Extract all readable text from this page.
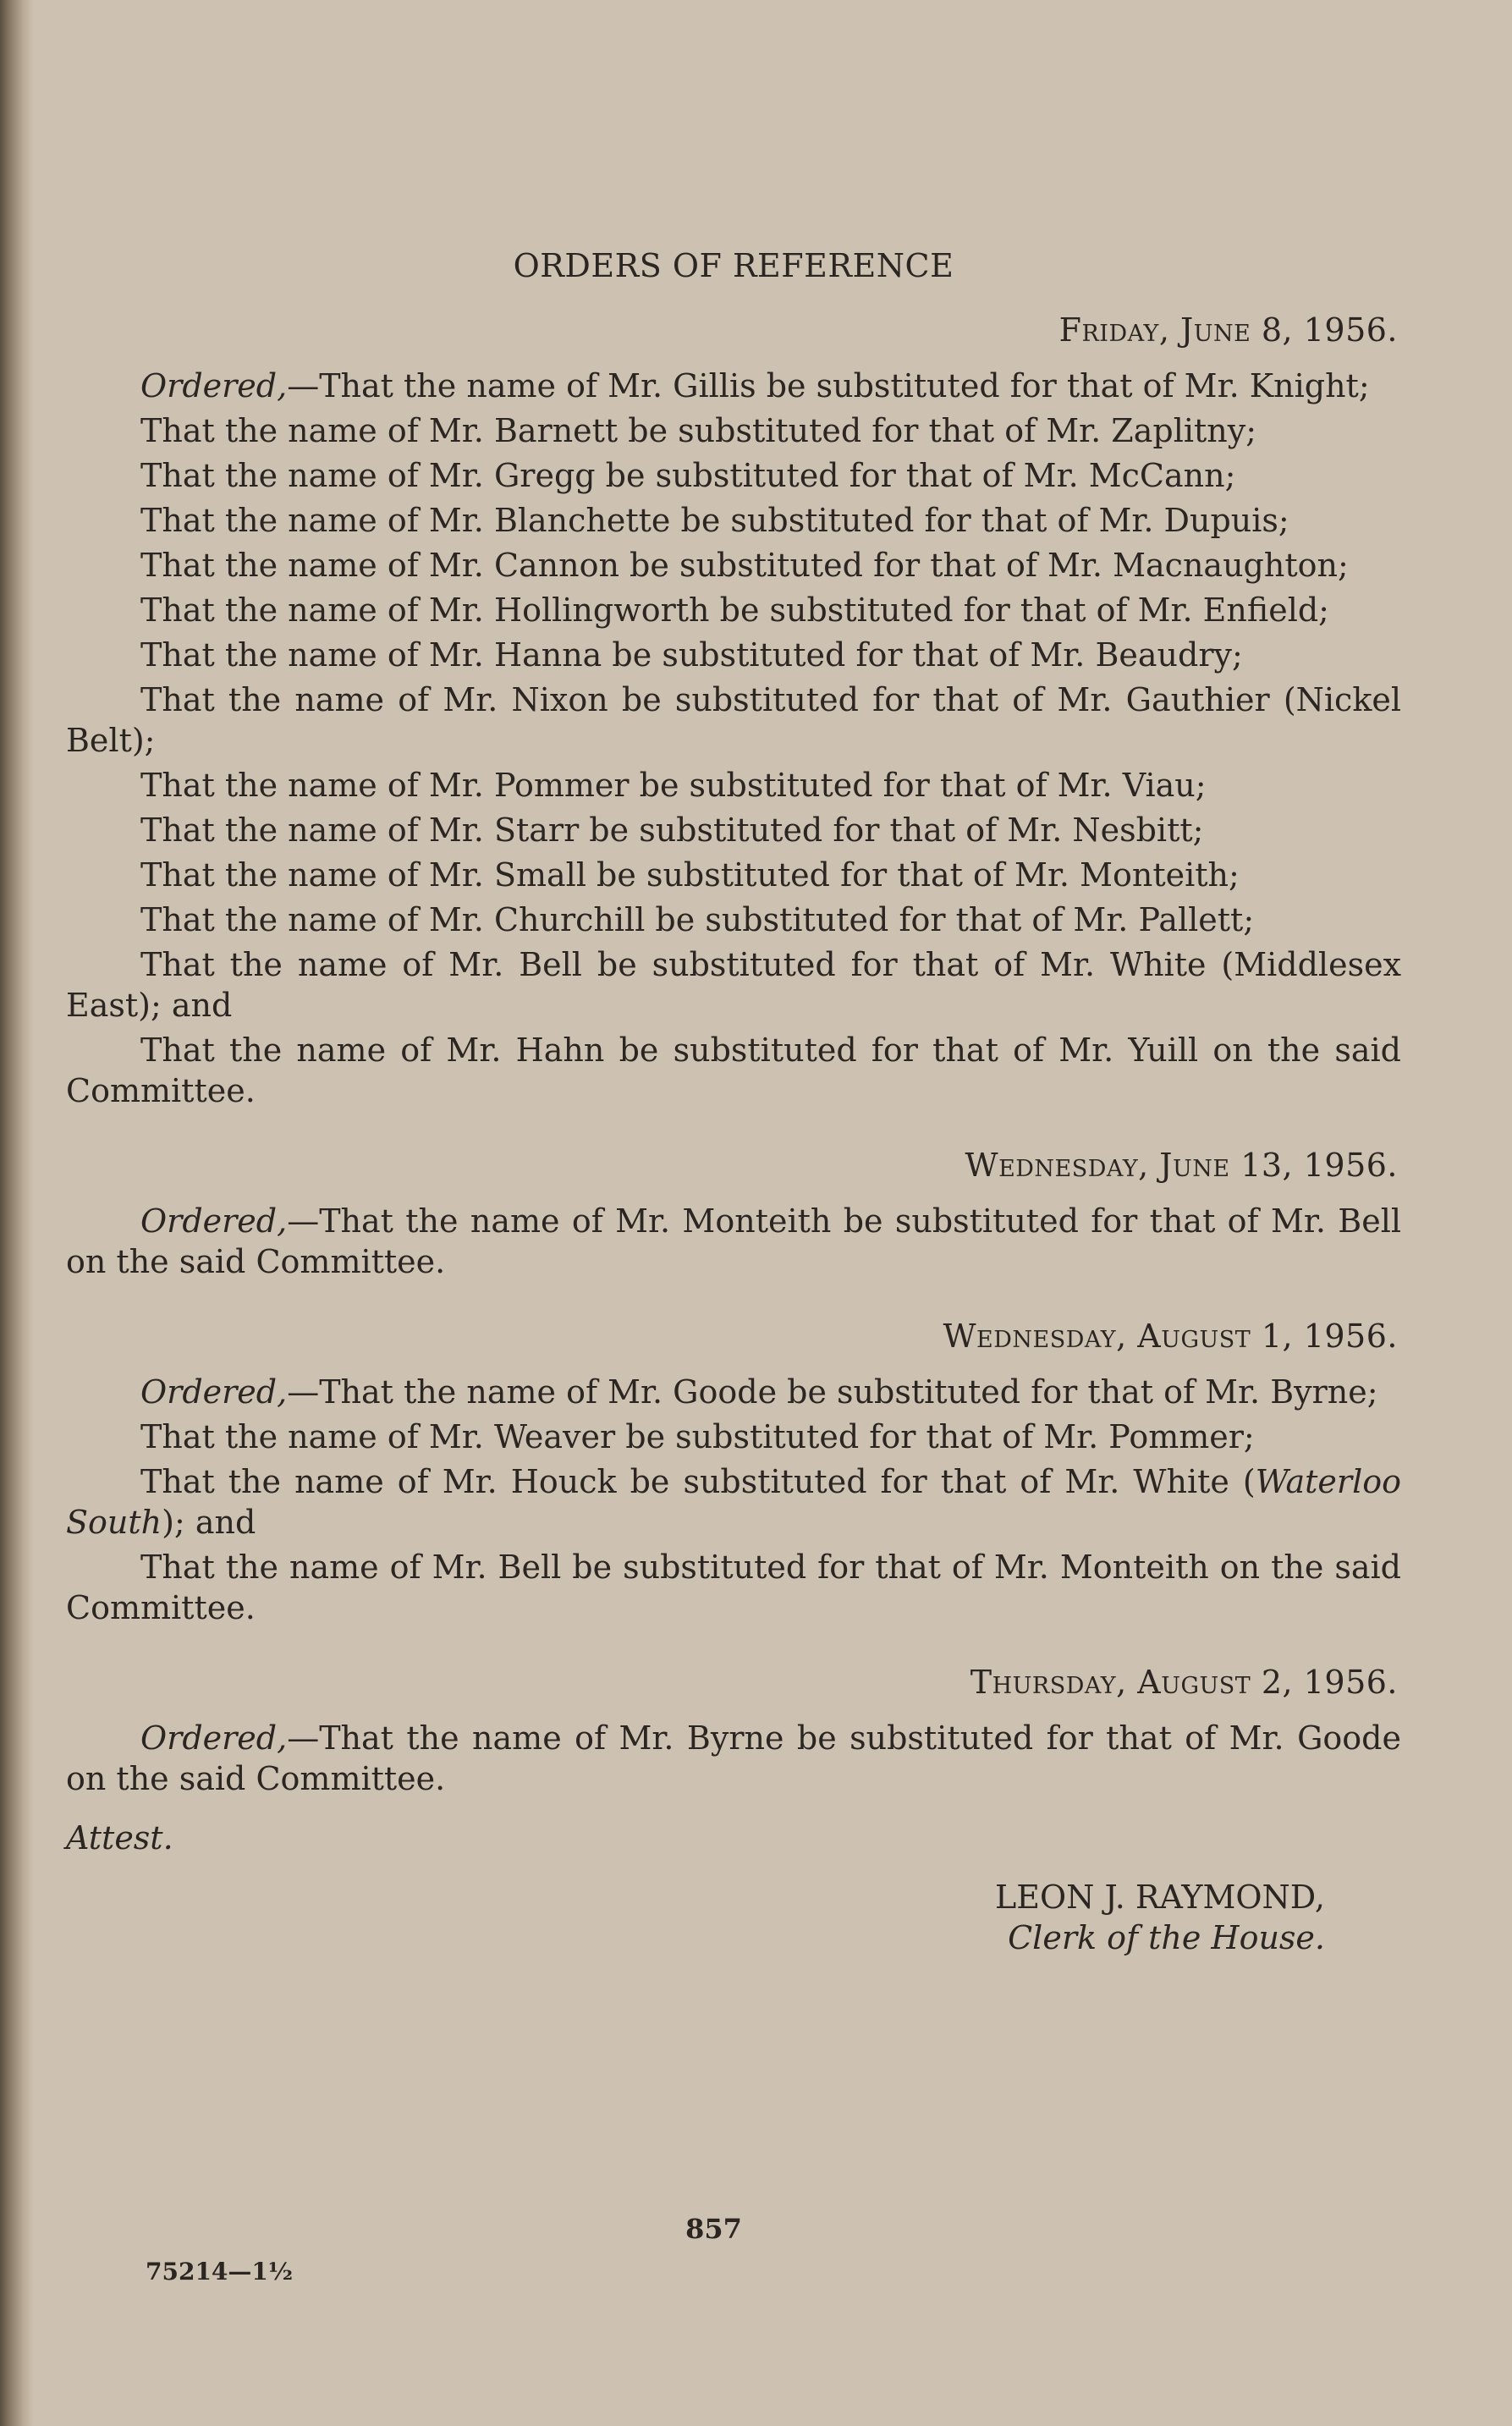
ORDERS OF REFERENCE
Friday, June 8, 1956.

Ordered,—That the name of Mr. Gillis be substituted for that of Mr. Knight;

That the name of Mr. Barnett be substituted for that of Mr. Zaplitny;

That the name of Mr. Gregg be substituted for that of Mr. McCann;

That the name of Mr. Blanchette be substituted for that of Mr. Dupuis;

That the name of Mr. Cannon be substituted for that of Mr. Macnaughton;

That the name of Mr. Hollingworth be substituted for that of Mr. Enfield;

That the name of Mr. Hanna be substituted for that of Mr. Beaudry;

That the name of Mr. Nixon be substituted for that of Mr. Gauthier (Nickel Belt);

That the name of Mr. Pommer be substituted for that of Mr. Viau;

That the name of Mr. Starr be substituted for that of Mr. Nesbitt;

That the name of Mr. Small be substituted for that of Mr. Monteith;

That the name of Mr. Churchill be substituted for that of Mr. Pallett;

That the name of Mr. Bell be substituted for that of Mr. White (Middlesex East); and

That the name of Mr. Hahn be substituted for that of Mr. Yuill on the said Committee.

Wednesday, June 13, 1956.

Ordered,—That the name of Mr. Monteith be substituted for that of Mr. Bell on the said Committee.

Wednesday, August 1, 1956.

Ordered,—That the name of Mr. Goode be substituted for that of Mr. Byrne;

That the name of Mr. Weaver be substituted for that of Mr. Pommer;

That the name of Mr. Houck be substituted for that of Mr. White (Waterloo South); and

That the name of Mr. Bell be substituted for that of Mr. Monteith on the said Committee.

Thursday, August 2, 1956.

Ordered,—That the name of Mr. Byrne be substituted for that of Mr. Goode on the said Committee.

Attest.
LEON J. RAYMOND,
Clerk of the House.
857
75214—1½
